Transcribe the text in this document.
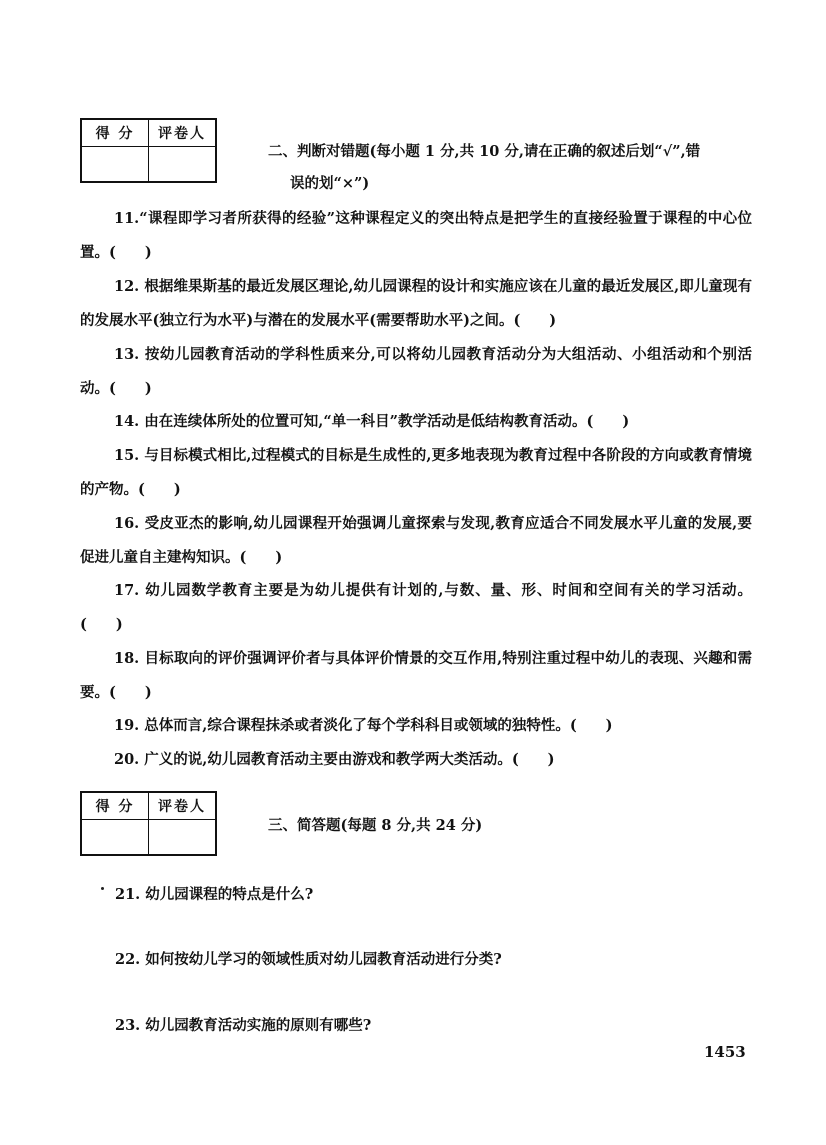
得 分	评卷人

二、判断对错题(每小题 1 分,共 10 分,请在正确的叙述后划“√”,错
误的划“×”)
11.“课程即学习者所获得的经验”这种课程定义的突出特点是把学生的直接经验置于课程的中心位置。(　　)
12. 根据维果斯基的最近发展区理论,幼儿园课程的设计和实施应该在儿童的最近发展区,即儿童现有的发展水平(独立行为水平)与潜在的发展水平(需要帮助水平)之间。(　　)
13. 按幼儿园教育活动的学科性质来分,可以将幼儿园教育活动分为大组活动、小组活动和个别活动。(　　)
14. 由在连续体所处的位置可知,“单一科目”教学活动是低结构教育活动。(　　)
15. 与目标模式相比,过程模式的目标是生成性的,更多地表现为教育过程中各阶段的方向或教育情境的产物。(　　)
16. 受皮亚杰的影响,幼儿园课程开始强调儿童探索与发现,教育应适合不同发展水平儿童的发展,要促进儿童自主建构知识。(　　)
17. 幼儿园数学教育主要是为幼儿提供有计划的,与数、量、形、时间和空间有关的学习活动。(　　)
18. 目标取向的评价强调评价者与具体评价情景的交互作用,特别注重过程中幼儿的表现、兴趣和需要。(　　)
19. 总体而言,综合课程抹杀或者淡化了每个学科科目或领域的独特性。(　　)
20. 广义的说,幼儿园教育活动主要由游戏和教学两大类活动。(　　)
得 分	评卷人

三、简答题(每题 8 分,共 24 分)
21. 幼儿园课程的特点是什么?
22. 如何按幼儿学习的领域性质对幼儿园教育活动进行分类?
23. 幼儿园教育活动实施的原则有哪些?
1453
